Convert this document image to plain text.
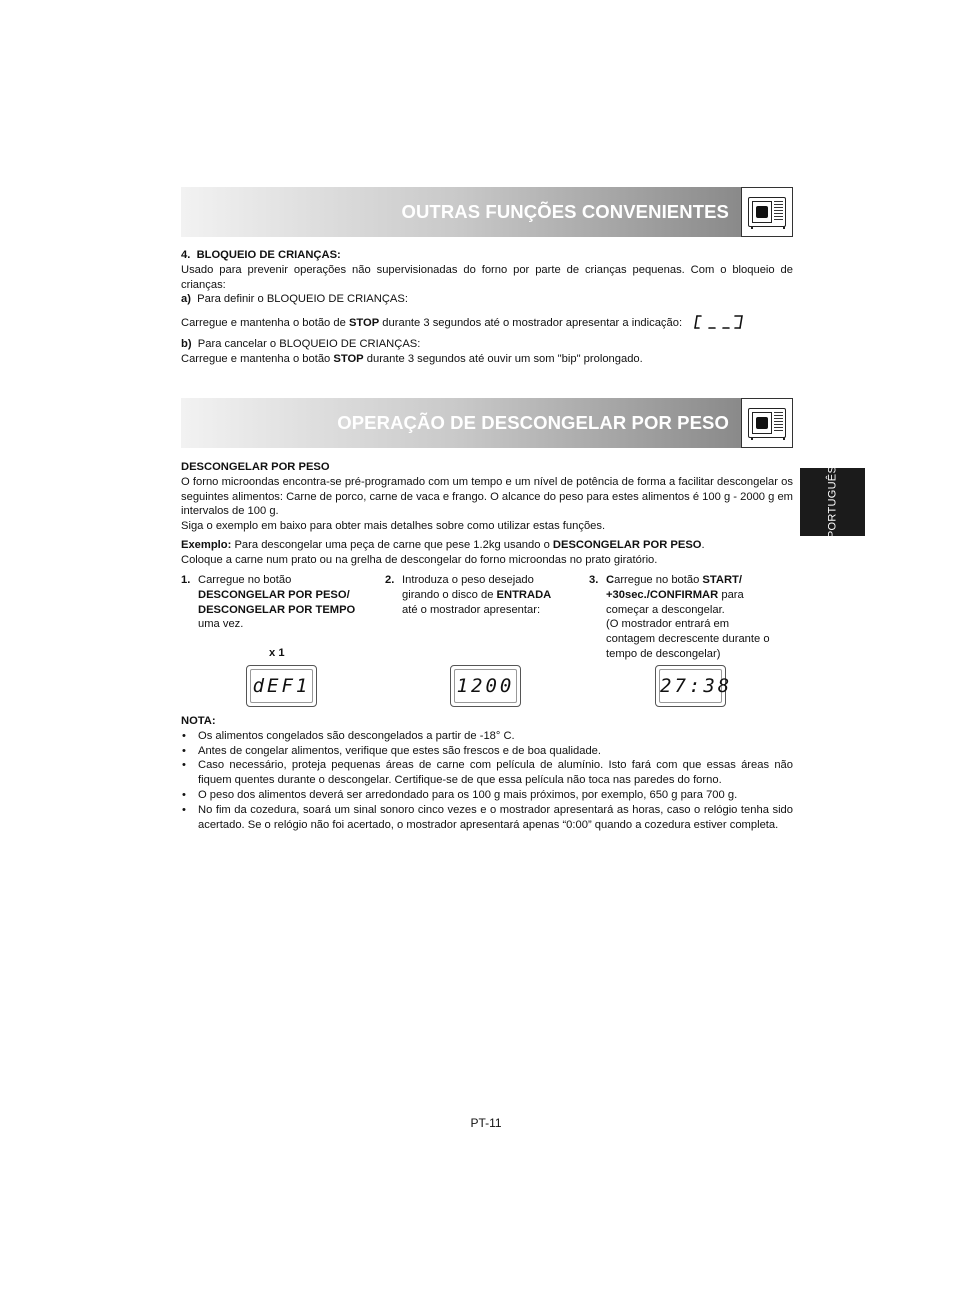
OUTRAS FUNÇÕES CONVENIENTES
4. BLOQUEIO DE CRIANÇAS:
Usado para prevenir operações não supervisionadas do forno por parte de crianças pequenas. Com o bloqueio de crianças:
a) Para definir o BLOQUEIO DE CRIANÇAS:
Carregue e mantenha o botão de STOP durante 3 segundos até o mostrador apresentar a indicação:
b) Para cancelar o BLOQUEIO DE CRIANÇAS:
Carregue e mantenha o botão STOP durante 3 segundos até ouvir um som "bip" prolongado.
OPERAÇÃO DE DESCONGELAR POR PESO
PORTUGUÊS
DESCONGELAR POR PESO
O forno microondas encontra-se pré-programado com um tempo e um nível de potência de forma a facilitar descongelar os seguintes alimentos: Carne de porco, carne de vaca e frango. O alcance do peso para estes alimentos é 100 g - 2000 g em intervalos de 100 g.
Siga o exemplo em baixo para obter mais detalhes sobre como utilizar estas funções.
Exemplo: Para descongelar uma peça de carne que pese 1.2kg usando o DESCONGELAR POR PESO.
Coloque a carne num prato ou na grelha de descongelar do forno microondas no prato giratório.
1. Carregue no botão
DESCONGELAR POR PESO/
DESCONGELAR POR TEMPO
uma vez.
2. Introduza o peso desejado
girando o disco de ENTRADA
até o mostrador apresentar:
3. Carregue no botão START/
+30sec./CONFIRMAR para
começar a descongelar.
(O mostrador entrará em
contagem decrescente durante o
tempo de descongelar)
x 1
dEF1	1200	27:38
NOTA:
• Os alimentos congelados são descongelados a partir de -18° C.
• Antes de congelar alimentos, verifique que estes são frescos e de boa qualidade.
• Caso necessário, proteja pequenas áreas de carne com película de alumínio. Isto fará com que essas áreas não fiquem quentes durante o descongelar. Certifique-se de que essa película não toca nas paredes do forno.
• O peso dos alimentos deverá ser arredondado para os 100 g mais próximos, por exemplo, 650 g para 700 g.
• No fim da cozedura, soará um sinal sonoro cinco vezes e o mostrador apresentará as horas, caso o relógio tenha sido acertado. Se o relógio não foi acertado, o mostrador apresentará apenas “0:00” quando a cozedura estiver completa.
PT-11
